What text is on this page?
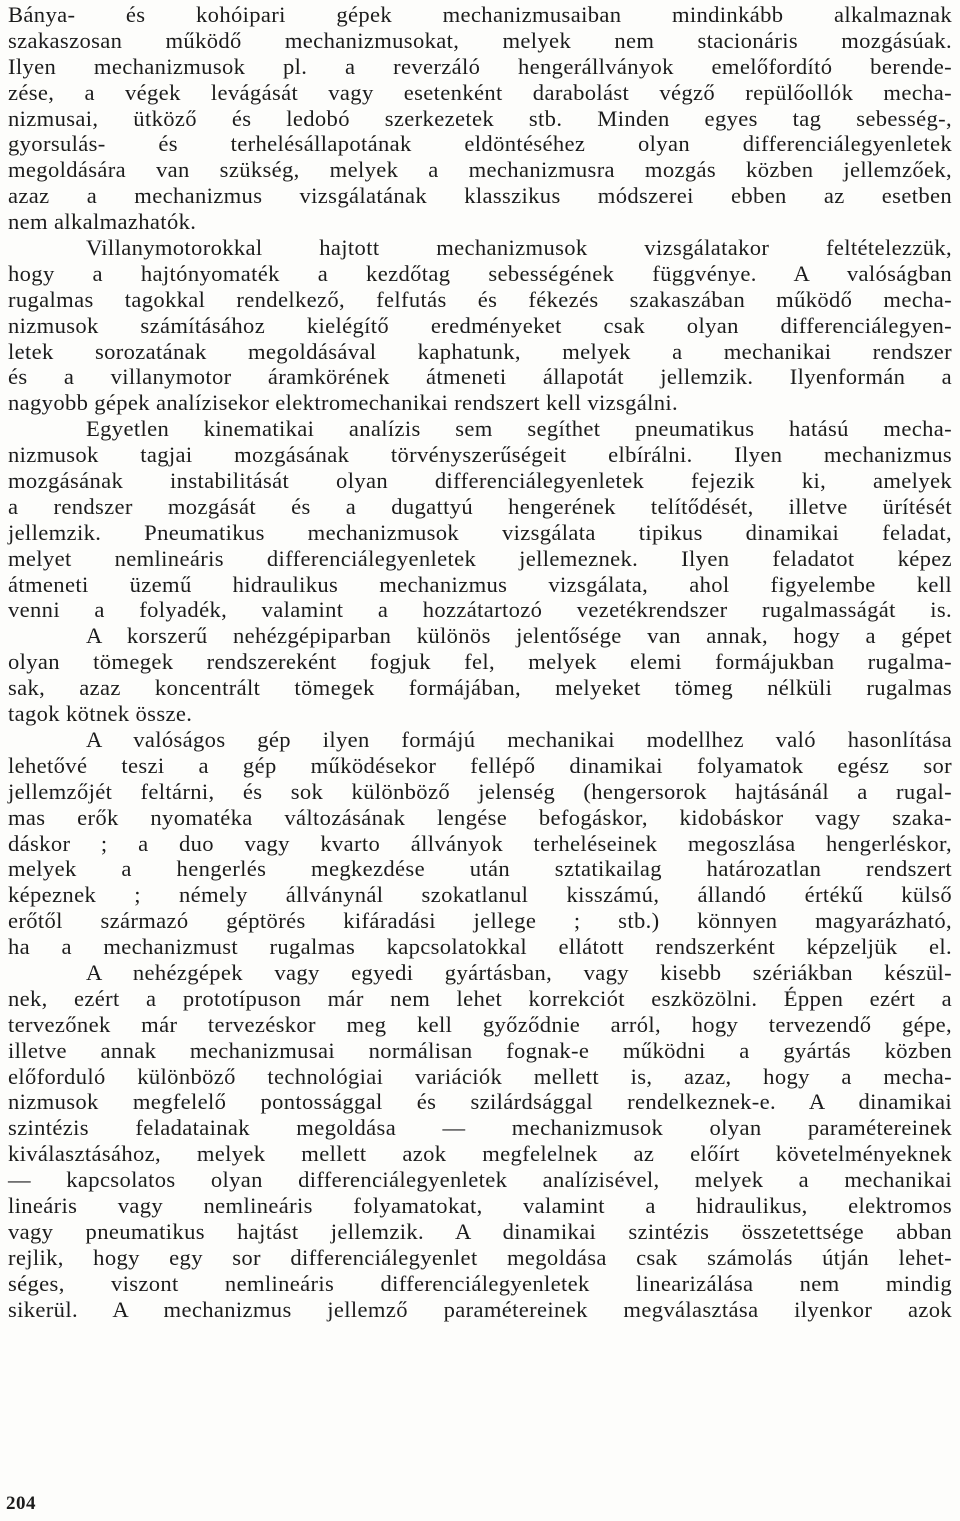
Bánya- és kohóipari gépek mechanizmusaiban mindinkább alkalmaznak
szakaszosan működő mechanizmusokat, melyek nem stacionáris mozgásúak.
Ilyen mechanizmusok pl. a reverzáló hengerállványok emelőfordító berende-
zése, a végek levágását vagy esetenként darabolást végző repülőollók mecha-
nizmusai, ütköző és ledobó szerkezetek stb. Minden egyes tag sebesség-,
gyorsulás- és terhelésállapotának eldöntéséhez olyan differenciálegyenletek
megoldására van szükség, melyek a mechanizmusra mozgás közben jellemzőek,
azaz a mechanizmus vizsgálatának klasszikus módszerei ebben az esetben
nem alkalmazhatók.
Villanymotorokkal hajtott mechanizmusok vizsgálatakor feltételezzük,
hogy a hajtónyomaték a kezdőtag sebességének függvénye. A valóságban
rugalmas tagokkal rendelkező, felfutás és fékezés szakaszában működő mecha-
nizmusok számításához kielégítő eredményeket csak olyan differenciálegyen-
letek sorozatának megoldásával kaphatunk, melyek a mechanikai rendszer
és a villanymotor áramkörének átmeneti állapotát jellemzik. Ilyenformán a
nagyobb gépek analízisekor elektromechanikai rendszert kell vizsgálni.
Egyetlen kinematikai analízis sem segíthet pneumatikus hatású mecha-
nizmusok tagjai mozgásának törvényszerűségeit elbírálni. Ilyen mechanizmus
mozgásának instabilitását olyan differenciálegyenletek fejezik ki, amelyek
a rendszer mozgását és a dugattyú hengerének telítődését, illetve ürítését
jellemzik. Pneumatikus mechanizmusok vizsgálata tipikus dinamikai feladat,
melyet nemlineáris differenciálegyenletek jellemeznek. Ilyen feladatot képez
átmeneti üzemű hidraulikus mechanizmus vizsgálata, ahol figyelembe kell
venni a folyadék, valamint a hozzátartozó vezetékrendszer rugalmasságát is.
A korszerű nehézgépiparban különös jelentősége van annak, hogy a gépet
olyan tömegek rendszereként fogjuk fel, melyek elemi formájukban rugalma-
sak, azaz koncentrált tömegek formájában, melyeket tömeg nélküli rugalmas
tagok kötnek össze.
A valóságos gép ilyen formájú mechanikai modellhez való hasonlítása
lehetővé teszi a gép működésekor fellépő dinamikai folyamatok egész sor
jellemzőjét feltárni, és sok különböző jelenség (hengersorok hajtásánál a rugal-
mas erők nyomatéka változásának lengése befogáskor, kidobáskor vagy szaka-
dáskor ; a duo vagy kvarto állványok terheléseinek megoszlása hengerléskor,
melyek a hengerlés megkezdése után sztatikailag határozatlan rendszert
képeznek ; némely állványnál szokatlanul kisszámú, állandó értékű külső
erőtől származó géptörés kifáradási jellege ; stb.) könnyen magyarázható,
ha a mechanizmust rugalmas kapcsolatokkal ellátott rendszerként képzeljük el.
A nehézgépek vagy egyedi gyártásban, vagy kisebb szériákban készül-
nek, ezért a prototípuson már nem lehet korrekciót eszközölni. Éppen ezért a
tervezőnek már tervezéskor meg kell győződnie arról, hogy tervezendő gépe,
illetve annak mechanizmusai normálisan fognak-e működni a gyártás közben
előforduló különböző technológiai variációk mellett is, azaz, hogy a mecha-
nizmusok megfelelő pontossággal és szilárdsággal rendelkeznek-e. A dinamikai
szintézis feladatainak megoldása — mechanizmusok olyan paramétereinek
kiválasztásához, melyek mellett azok megfelelnek az előírt követelményeknek
— kapcsolatos olyan differenciálegyenletek analízisével, melyek a mechanikai
lineáris vagy nemlineáris folyamatokat, valamint a hidraulikus, elektromos
vagy pneumatikus hajtást jellemzik. A dinamikai szintézis összetettsége abban
rejlik, hogy egy sor differenciálegyenlet megoldása csak számolás útján lehet-
séges, viszont nemlineáris differenciálegyenletek linearizálása nem mindig
sikerül. A mechanizmus jellemző paramétereinek megválasztása ilyenkor azok
204
